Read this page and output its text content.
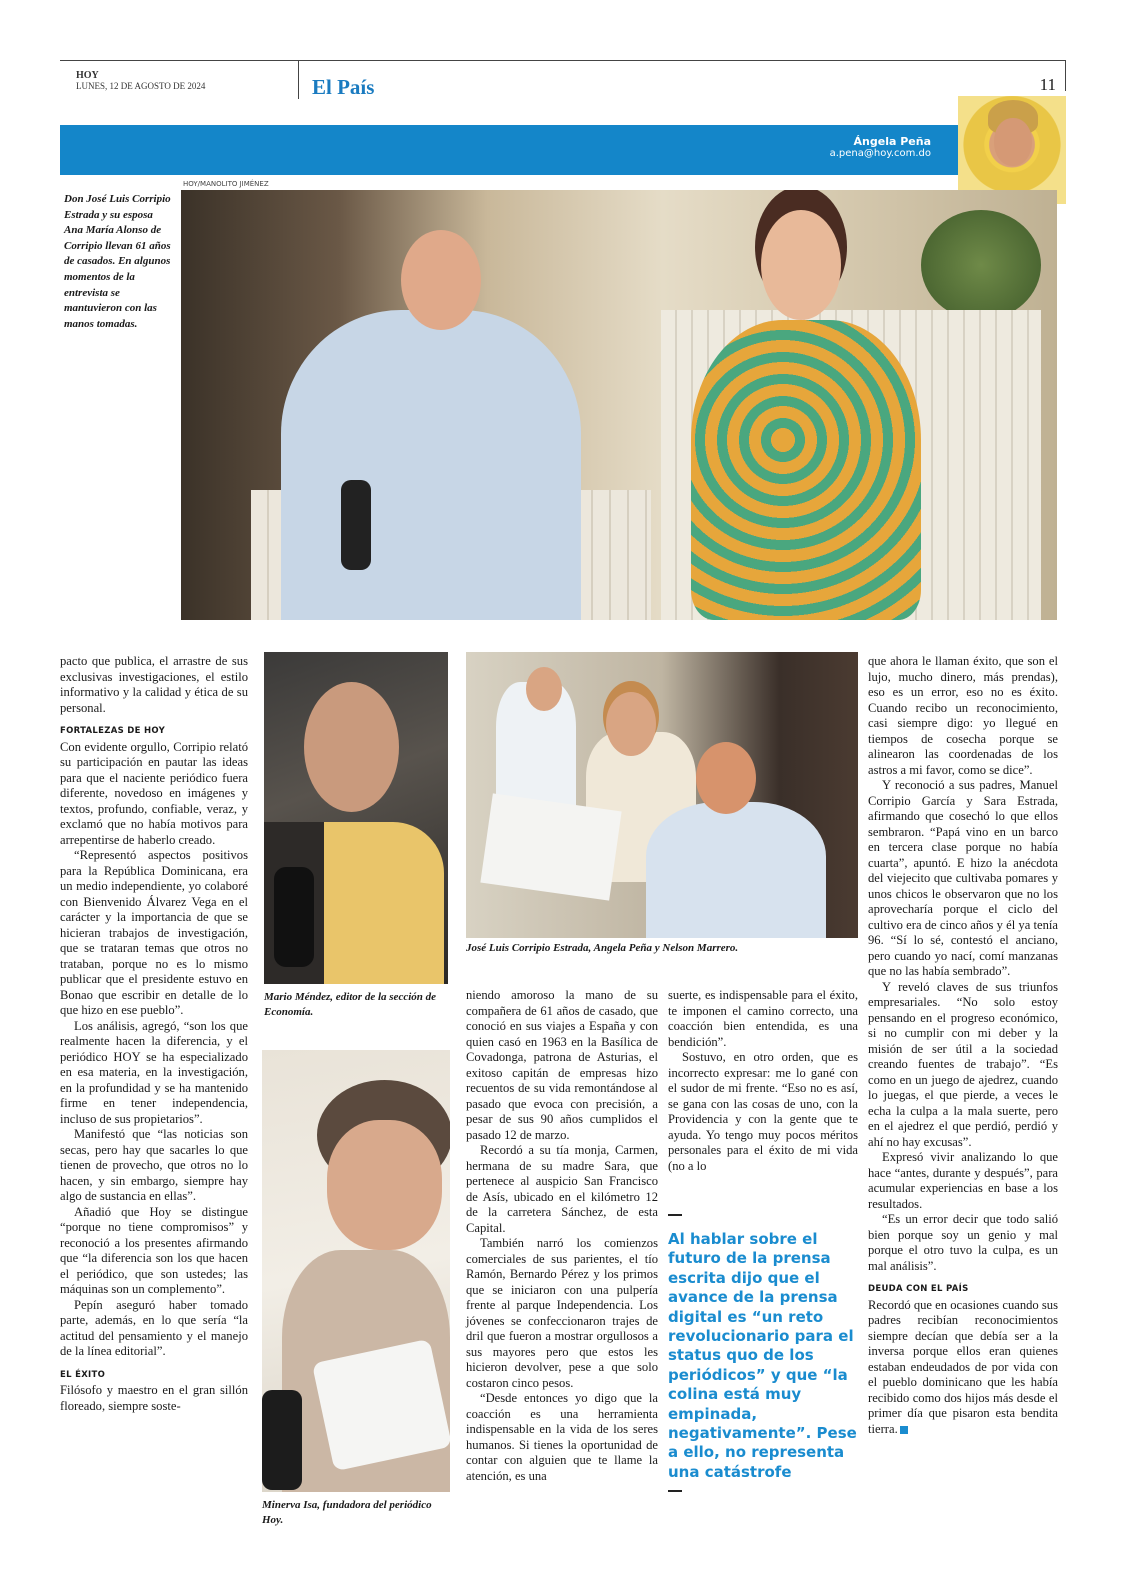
HOY
LUNES, 12 DE AGOSTO DE 2024	El País	11
Ángela Peña
a.pena@hoy.com.do
HOY/MANOLITO JIMÉNEZ
Don José Luis Corripio Estrada y su esposa Ana María Alonso de Corripio llevan 61 años de casados. En algunos momentos de la entrevista se mantuvieron con las manos tomadas.

pacto que publica, el arrastre de sus exclusivas investigaciones, el estilo informativo y la calidad y ética de su personal.

FORTALEZAS DE HOY

Con evidente orgullo, Corripio relató su participación en pautar las ideas para que el naciente periódico fuera diferente, novedoso en imágenes y textos, profundo, confiable, veraz, y exclamó que no había motivos para arrepentirse de haberlo creado.

“Representó aspectos positivos para la República Dominicana, era un medio independiente, yo colaboré con Bienvenido Álvarez Vega en el carácter y la importancia de que se hicieran trabajos de investigación, que se trataran temas que otros no trataban, porque no es lo mismo publicar que el presidente estuvo en Bonao que escribir en detalle de lo que hizo en ese pueblo”.

Los análisis, agregó, “son los que realmente hacen la diferencia, y el periódico HOY se ha especializado en esa materia, en la investigación, en la profundidad y se ha mantenido firme en tener independencia, incluso de sus propietarios”.

Manifestó que “las noticias son secas, pero hay que sacarles lo que tienen de provecho, que otros no lo hacen, y sin embargo, siempre hay algo de sustancia en ellas”.

Añadió que Hoy se distingue “porque no tiene compromisos” y reconoció a los presentes afirmando que “la diferencia son los que hacen el periódico, que son ustedes; las máquinas son un complemento”.

Pepín aseguró haber tomado parte, además, en lo que sería “la actitud del pensamiento y el manejo de la línea editorial”.

EL ÉXITO

Filósofo y maestro en el gran sillón floreado, siempre soste-

Mario Méndez, editor de la sección de Economía.
Minerva Isa, fundadora del periódico Hoy.
José Luis Corripio Estrada, Angela Peña y Nelson Marrero.

niendo amoroso la mano de su compañera de 61 años de casado, que conoció en sus viajes a España y con quien casó en 1963 en la Basílica de Covadonga, patrona de Asturias, el exitoso capitán de empresas hizo recuentos de su vida remontándose al pasado que evoca con precisión, a pesar de sus 90 años cumplidos el pasado 12 de marzo.

Recordó a su tía monja, Carmen, hermana de su madre Sara, que pertenece al auspicio San Francisco de Asís, ubicado en el kilómetro 12 de la carretera Sánchez, de esta Capital.

También narró los comienzos comerciales de sus parientes, el tío Ramón, Bernardo Pérez y los primos que se iniciaron con una pulpería frente al parque Independencia. Los jóvenes se confeccionaron trajes de dril que fueron a mostrar orgullosos a sus mayores pero que estos les hicieron devolver, pese a que solo costaron cinco pesos.

“Desde entonces yo digo que la coacción es una herramienta indispensable en la vida de los seres humanos. Si tienes la oportunidad de contar con alguien que te llame la atención, es una

suerte, es indispensable para el éxito, te imponen el camino correcto, una coacción bien entendida, es una bendición”.

Sostuvo, en otro orden, que es incorrecto expresar: me lo gané con el sudor de mi frente. “Eso no es así, se gana con las cosas de uno, con la Providencia y con la gente que te ayuda. Yo tengo muy pocos méritos personales para el éxito de mi vida (no a lo

Al hablar sobre el futuro de la prensa escrita dijo que el avance de la prensa digital es “un reto revolucionario para el status quo de los periódicos” y que “la colina está muy empinada, negativamente”. Pese a ello, no representa una catástrofe

que ahora le llaman éxito, que son el lujo, mucho dinero, más prendas), eso es un error, eso no es éxito. Cuando recibo un reconocimiento, casi siempre digo: yo llegué en tiempos de cosecha porque se alinearon las coordenadas de los astros a mi favor, como se dice”.

Y reconoció a sus padres, Manuel Corripio García y Sara Estrada, afirmando que cosechó lo que ellos sembraron. “Papá vino en un barco en tercera clase porque no había cuarta”, apuntó. E hizo la anécdota del viejecito que cultivaba pomares y unos chicos le observaron que no los aprovecharía porque el ciclo del cultivo era de cinco años y él ya tenía 96. “Sí lo sé, contestó el anciano, pero cuando yo nací, comí manzanas que no las había sembrado”.

Y reveló claves de sus triunfos empresariales. “No solo estoy pensando en el progreso económico, si no cumplir con mi deber y la misión de ser útil a la sociedad creando fuentes de trabajo”. “Es como en un juego de ajedrez, cuando lo juegas, el que pierde, a veces le echa la culpa a la mala suerte, pero en el ajedrez el que perdió, perdió y ahí no hay excusas”.

Expresó vivir analizando lo que hace “antes, durante y después”, para acumular experiencias en base a los resultados.

“Es un error decir que todo salió bien porque soy un genio y mal porque el otro tuvo la culpa, es un mal análisis”.

DEUDA CON EL PAÍS

Recordó que en ocasiones cuando sus padres recibían reconocimientos siempre decían que debía ser a la inversa porque ellos eran quienes estaban endeudados de por vida con el pueblo dominicano que les había recibido como dos hijos más desde el primer día que pisaron esta bendita tierra.
